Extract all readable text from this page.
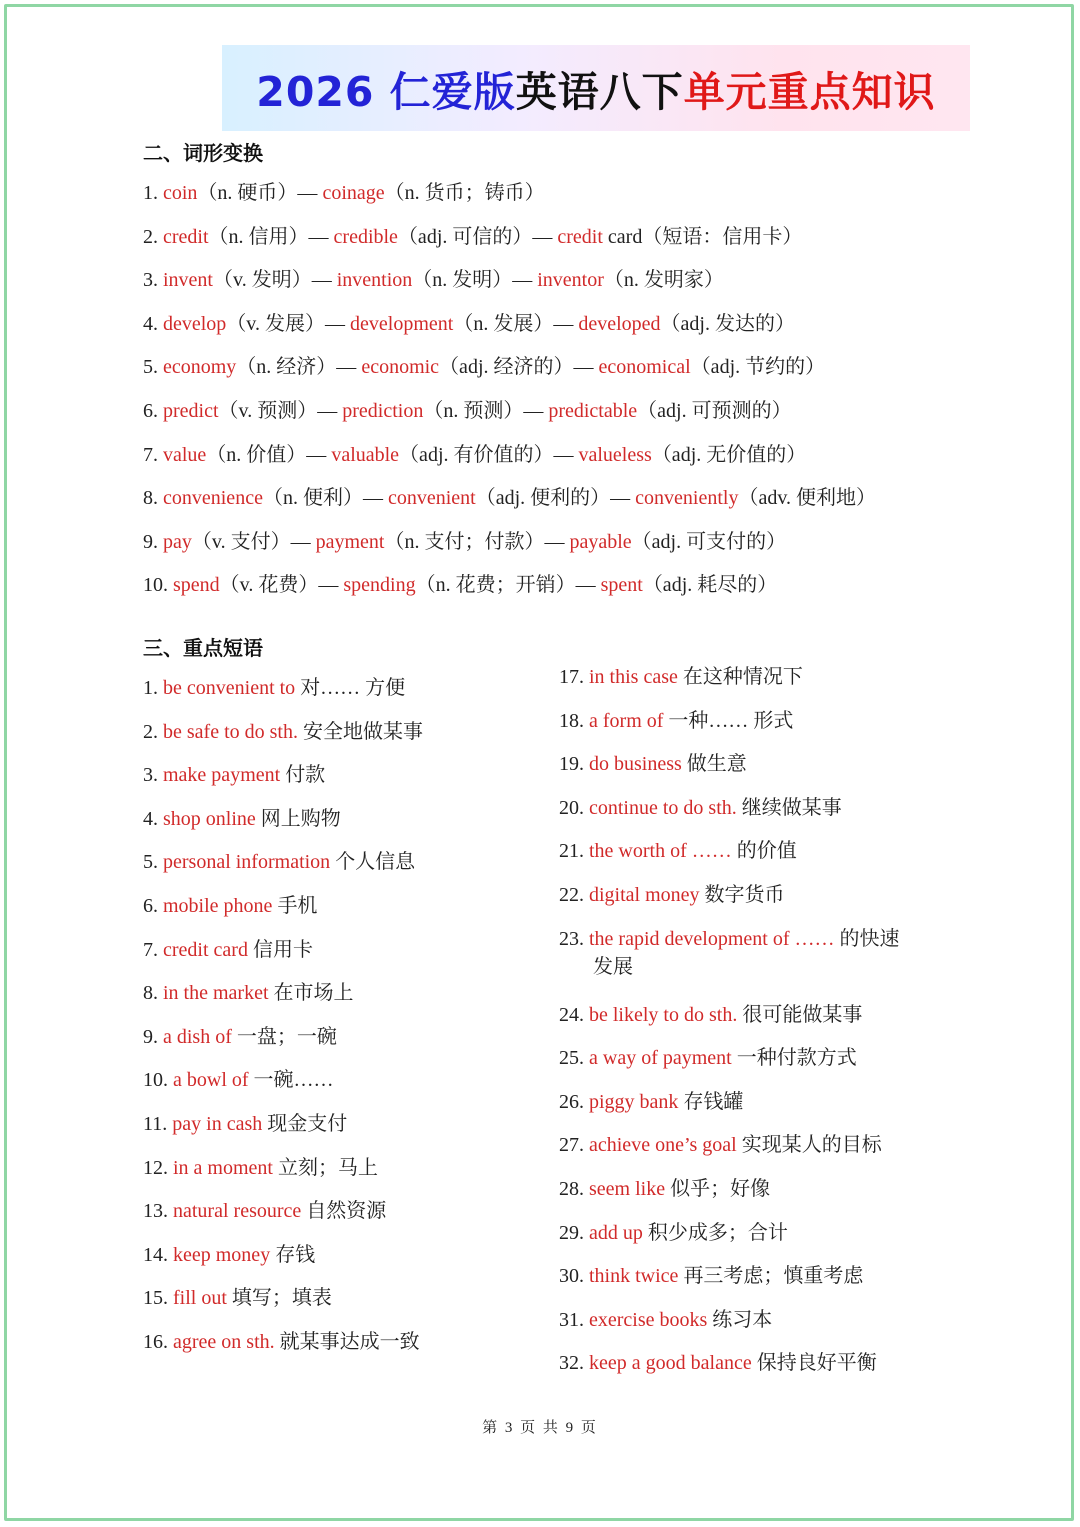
2026 仁爱版英语八下单元重点知识
二、词形变换
1. coin（n. 硬币）— coinage（n. 货币；铸币）
2. credit（n. 信用）— credible（adj. 可信的）— credit card（短语：信用卡）
3. invent（v. 发明）— invention（n. 发明）— inventor（n. 发明家）
4. develop（v. 发展）— development（n. 发展）— developed（adj. 发达的）
5. economy（n. 经济）— economic（adj. 经济的）— economical（adj. 节约的）
6. predict（v. 预测）— prediction（n. 预测）— predictable（adj. 可预测的）
7. value（n. 价值）— valuable（adj. 有价值的）— valueless（adj. 无价值的）
8. convenience（n. 便利）— convenient（adj. 便利的）— conveniently（adv. 便利地）
9. pay（v. 支付）— payment（n. 支付；付款）— payable（adj. 可支付的）
10. spend（v. 花费）— spending（n. 花费；开销）— spent（adj. 耗尽的）
三、重点短语
1. be convenient to 对…… 方便
2. be safe to do sth. 安全地做某事
3. make payment 付款
4. shop online 网上购物
5. personal information 个人信息
6. mobile phone 手机
7. credit card 信用卡
8. in the market 在市场上
9. a dish of 一盘；一碗
10. a bowl of 一碗……
11. pay in cash 现金支付
12. in a moment 立刻；马上
13. natural resource 自然资源
14. keep money 存钱
15. fill out 填写；填表
16. agree on sth. 就某事达成一致
17. in this case 在这种情况下
18. a form of 一种…… 形式
19. do business 做生意
20. continue to do sth. 继续做某事
21. the worth of …… 的价值
22. digital money 数字货币
23. the rapid development of …… 的快速
发展
24. be likely to do sth. 很可能做某事
25. a way of payment 一种付款方式
26. piggy bank 存钱罐
27. achieve one’s goal 实现某人的目标
28. seem like 似乎；好像
29. add up 积少成多；合计
30. think twice 再三考虑；慎重考虑
31. exercise books 练习本
32. keep a good balance 保持良好平衡
第 3 页 共 9 页
